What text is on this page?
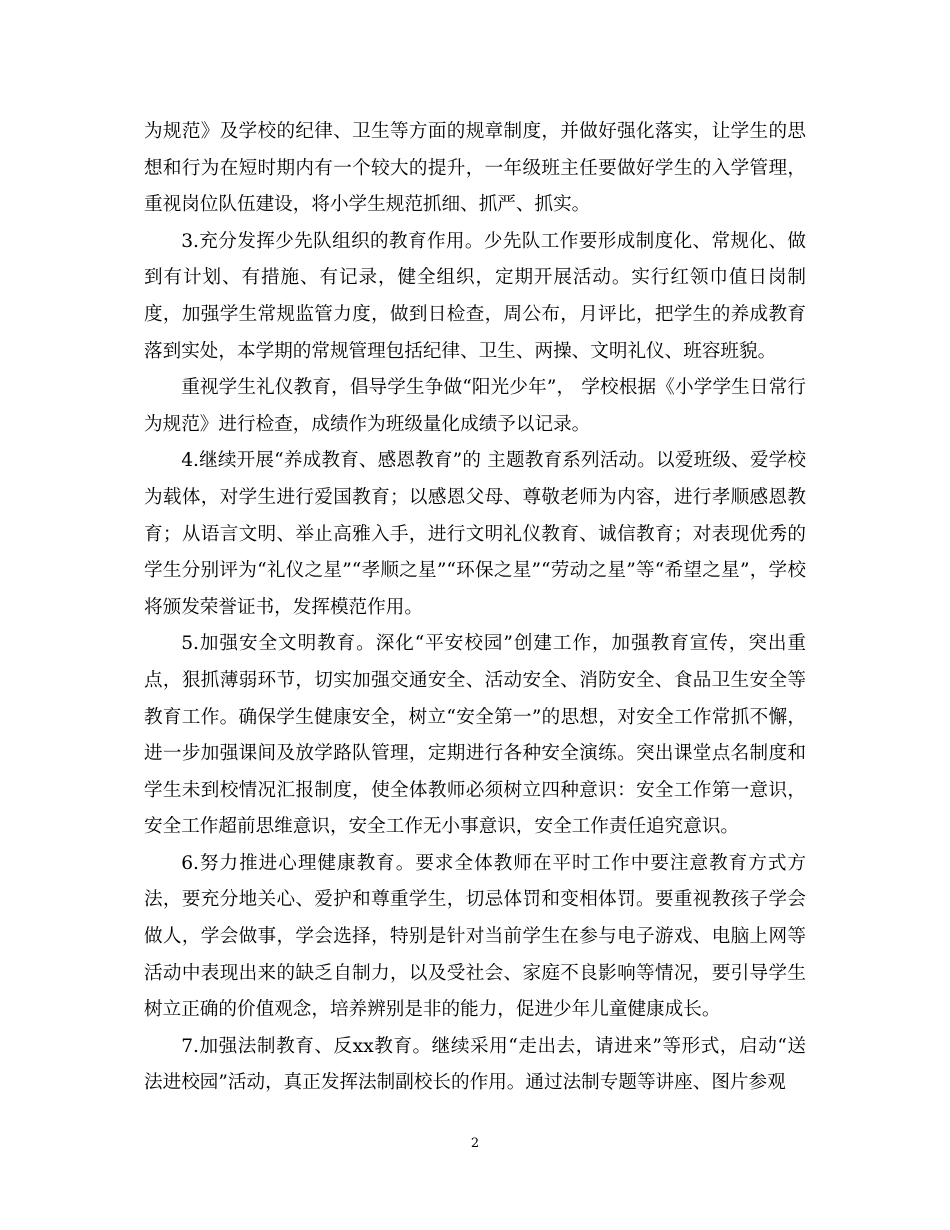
为规范》及学校的纪律、卫生等方面的规章制度，并做好强化落实，让学生的思想和行为在短时期内有一个较大的提升，一年级班主任要做好学生的入学管理，重视岗位队伍建设，将小学生规范抓细、抓严、抓实。

3.充分发挥少先队组织的教育作用。少先队工作要形成制度化、常规化、做到有计划、有措施、有记录，健全组织，定期开展活动。实行红领巾值日岗制度，加强学生常规监管力度，做到日检查，周公布，月评比，把学生的养成教育落到实处，本学期的常规管理包括纪律、卫生、两操、文明礼仪、班容班貌。

重视学生礼仪教育，倡导学生争做“阳光少年”， 学校根据《小学学生日常行为规范》进行检查，成绩作为班级量化成绩予以记录。

4.继续开展“养成教育、感恩教育”的 主题教育系列活动。以爱班级、爱学校为载体，对学生进行爱国教育；以感恩父母、尊敬老师为内容，进行孝顺感恩教育；从语言文明、举止高雅入手，进行文明礼仪教育、诚信教育；对表现优秀的学生分别评为“礼仪之星”“孝顺之星”“环保之星”“劳动之星”等“希望之星”，学校将颁发荣誉证书，发挥模范作用。

5.加强安全文明教育。深化“平安校园”创建工作，加强教育宣传，突出重点，狠抓薄弱环节，切实加强交通安全、活动安全、消防安全、食品卫生安全等教育工作。确保学生健康安全，树立“安全第一”的思想，对安全工作常抓不懈，进一步加强课间及放学路队管理，定期进行各种安全演练。突出课堂点名制度和学生未到校情况汇报制度，使全体教师必须树立四种意识：安全工作第一意识，安全工作超前思维意识，安全工作无小事意识，安全工作责任追究意识。

6.努力推进心理健康教育。要求全体教师在平时工作中要注意教育方式方法，要充分地关心、爱护和尊重学生，切忌体罚和变相体罚。要重视教孩子学会做人，学会做事，学会选择，特别是针对当前学生在参与电子游戏、电脑上网等活动中表现出来的缺乏自制力，以及受社会、家庭不良影响等情况，要引导学生树立正确的价值观念，培养辨别是非的能力，促进少年儿童健康成长。

7.加强法制教育、反xx教育。继续采用“走出去，请进来”等形式，启动“送法进校园”活动，真正发挥法制副校长的作用。通过法制专题等讲座、图片参观

2
